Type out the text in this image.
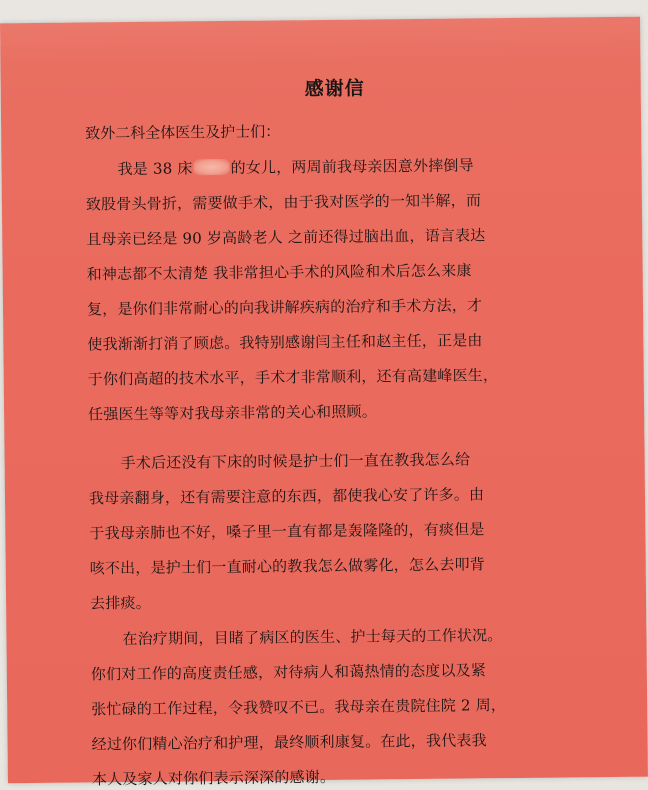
感谢信
致外二科全体医生及护士们：
我是 38 床	的女儿，两周前我母亲因意外摔倒导
致股骨头骨折，需要做手术，由于我对医学的一知半解，而
且母亲已经是 90 岁高龄老人 之前还得过脑出血，语言表达
和神志都不太清楚 我非常担心手术的风险和术后怎么来康
复，是你们非常耐心的向我讲解疾病的治疗和手术方法，才
使我渐渐打消了顾虑。我特别感谢闫主任和赵主任，正是由
于你们高超的技术水平，手术才非常顺利，还有高建峰医生，
任强医生等等对我母亲非常的关心和照顾。
手术后还没有下床的时候是护士们一直在教我怎么给
我母亲翻身，还有需要注意的东西，都使我心安了许多。由
于我母亲肺也不好，嗓子里一直有都是轰隆隆的，有痰但是
咳不出，是护士们一直耐心的教我怎么做雾化，怎么去叩背
去排痰。
在治疗期间，目睹了病区的医生、护士每天的工作状况。
你们对工作的高度责任感，对待病人和蔼热情的态度以及紧
张忙碌的工作过程，令我赞叹不已。我母亲在贵院住院 2 周，
经过你们精心治疗和护理，最终顺利康复。在此，我代表我
本人及家人对你们表示深深的感谢。
